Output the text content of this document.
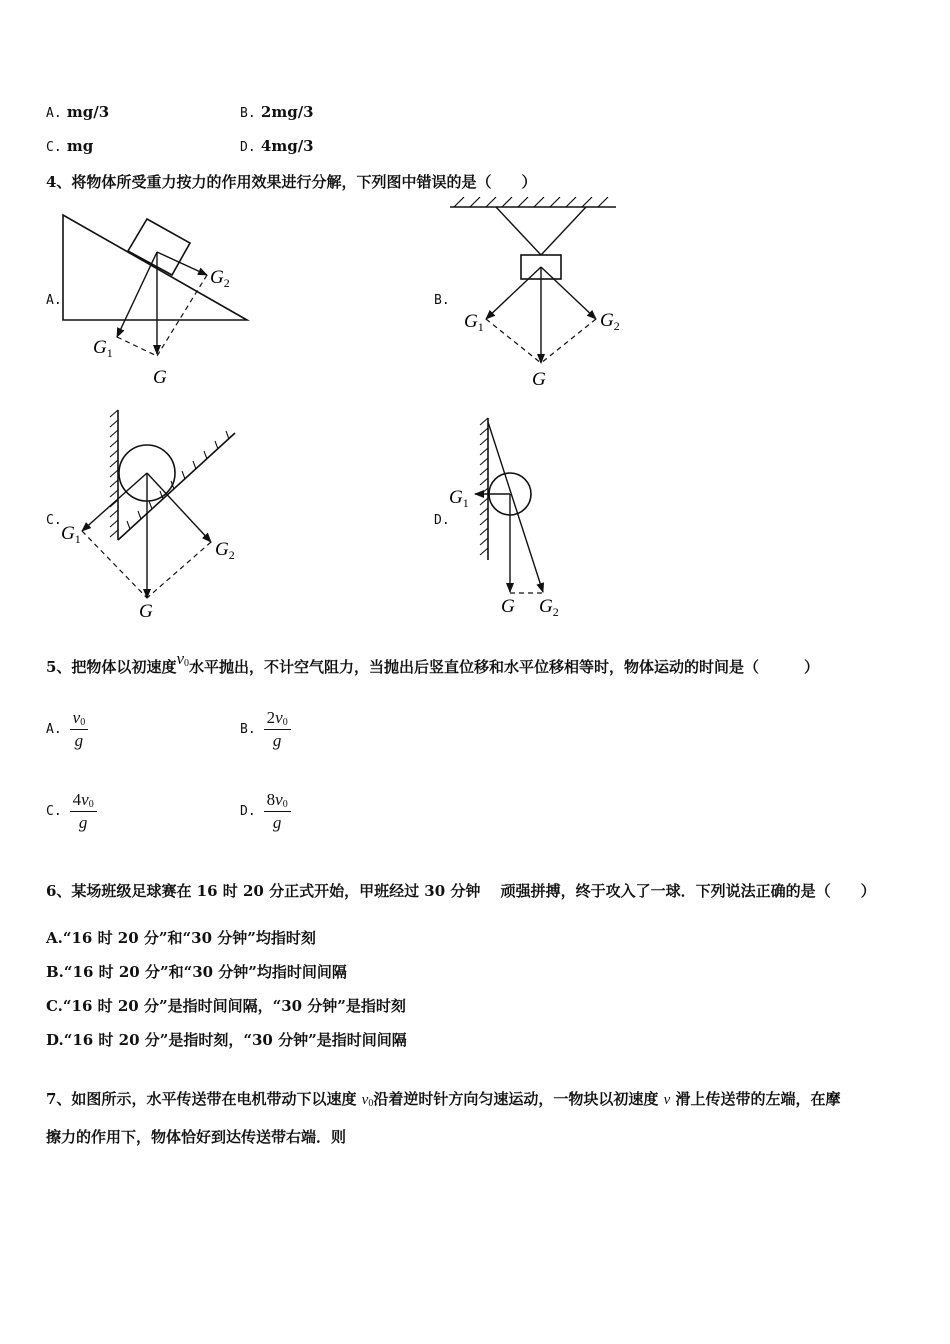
A. mg/3	B. 2mg/3
C. mg	D. 4mg/3
4、将物体所受重力按力的作用效果进行分解，下列图中错误的是（　　）
A.	B.
C.	D.
$G_2$
$G_1$
G
$G_1$	$G_2$
G
$G_1$	$G_2$
G
$G_1$
G $G_2$
5、把物体以初速度$v_0$水平抛出，不计空气阻力，当抛出后竖直位移和水平位移相等时，物体运动的时间是（　　　）
A. $\frac{v_0}{g}$	B. $\frac{2v_0}{g}$
C. $\frac{4v_0}{g}$	D. $\frac{8v_0}{g}$
6、某场班级足球赛在 16 时 20 分正式开始，甲班经过 30 分钟　 顽强拼搏，终于攻入了一球．下列说法正确的是（　　）
A.“16 时 20 分”和“30 分钟”均指时刻
B.“16 时 20 分”和“30 分钟”均指时间间隔
C.“16 时 20 分”是指时间间隔，“30 分钟”是指时刻
D.“16 时 20 分”是指时刻，“30 分钟”是指时间间隔
7、如图所示，水平传送带在电机带动下以速度 $v_0$沿着逆时针方向匀速运动，一物块以初速度 v 滑上传送带的左端，在摩
擦力的作用下，物体恰好到达传送带右端．则
